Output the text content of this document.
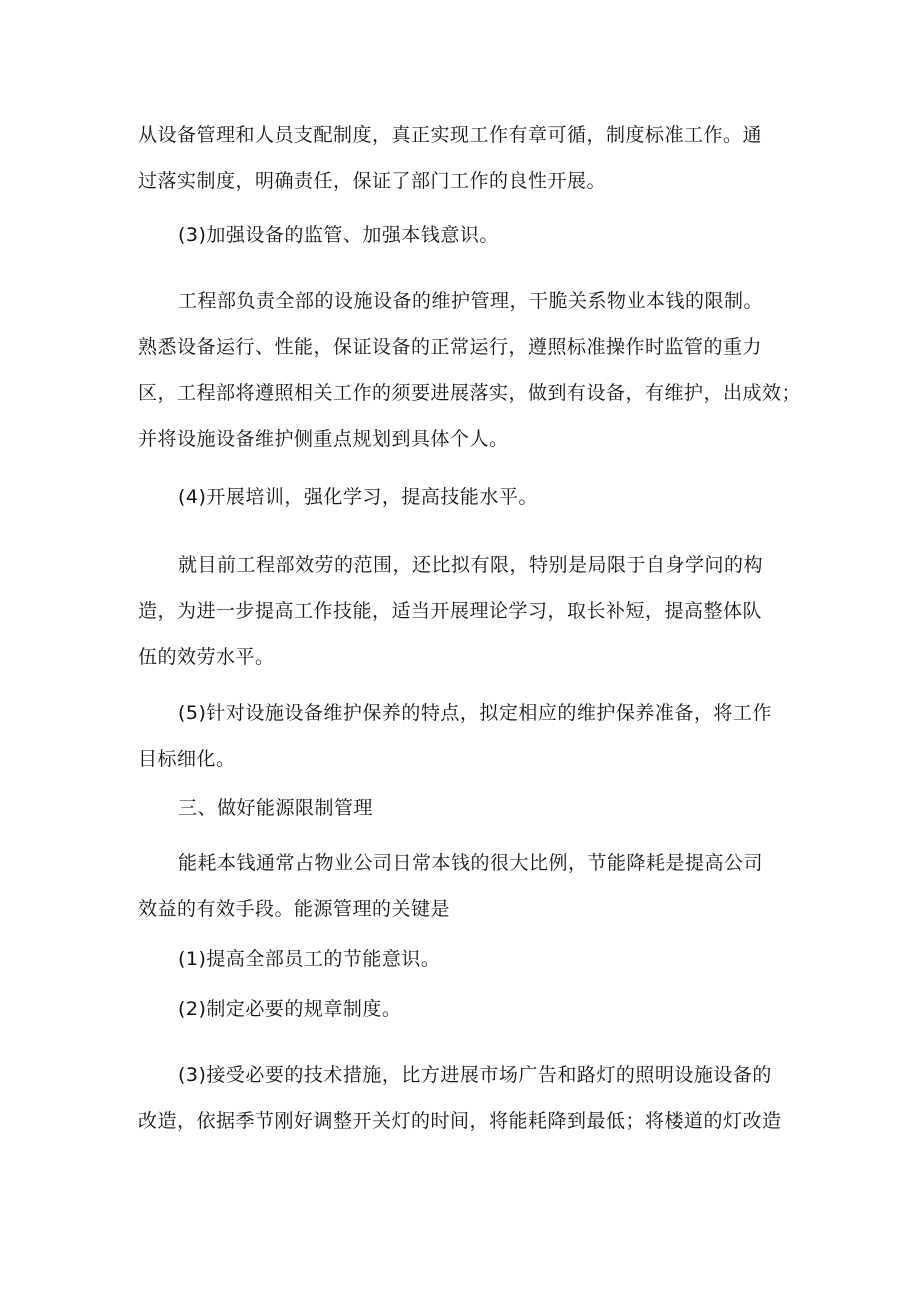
从设备管理和人员支配制度，真正实现工作有章可循，制度标准工作。通
过落实制度，明确责任，保证了部门工作的良性开展。
(3)加强设备的监管、加强本钱意识。
工程部负责全部的设施设备的维护管理，干脆关系物业本钱的限制。
熟悉设备运行、性能，保证设备的正常运行，遵照标准操作时监管的重力
区，工程部将遵照相关工作的须要进展落实，做到有设备，有维护，出成效；
并将设施设备维护侧重点规划到具体个人。
(4)开展培训，强化学习，提高技能水平。
就目前工程部效劳的范围，还比拟有限，特别是局限于自身学问的构
造，为进一步提高工作技能，适当开展理论学习，取长补短，提高整体队
伍的效劳水平。
(5)针对设施设备维护保养的特点，拟定相应的维护保养准备，将工作
目标细化。
三、做好能源限制管理
能耗本钱通常占物业公司日常本钱的很大比例，节能降耗是提高公司
效益的有效手段。能源管理的关键是
(1)提高全部员工的节能意识。
(2)制定必要的规章制度。
(3)接受必要的技术措施，比方进展市场广告和路灯的照明设施设备的
改造，依据季节刚好调整开关灯的时间，将能耗降到最低；将楼道的灯改造
